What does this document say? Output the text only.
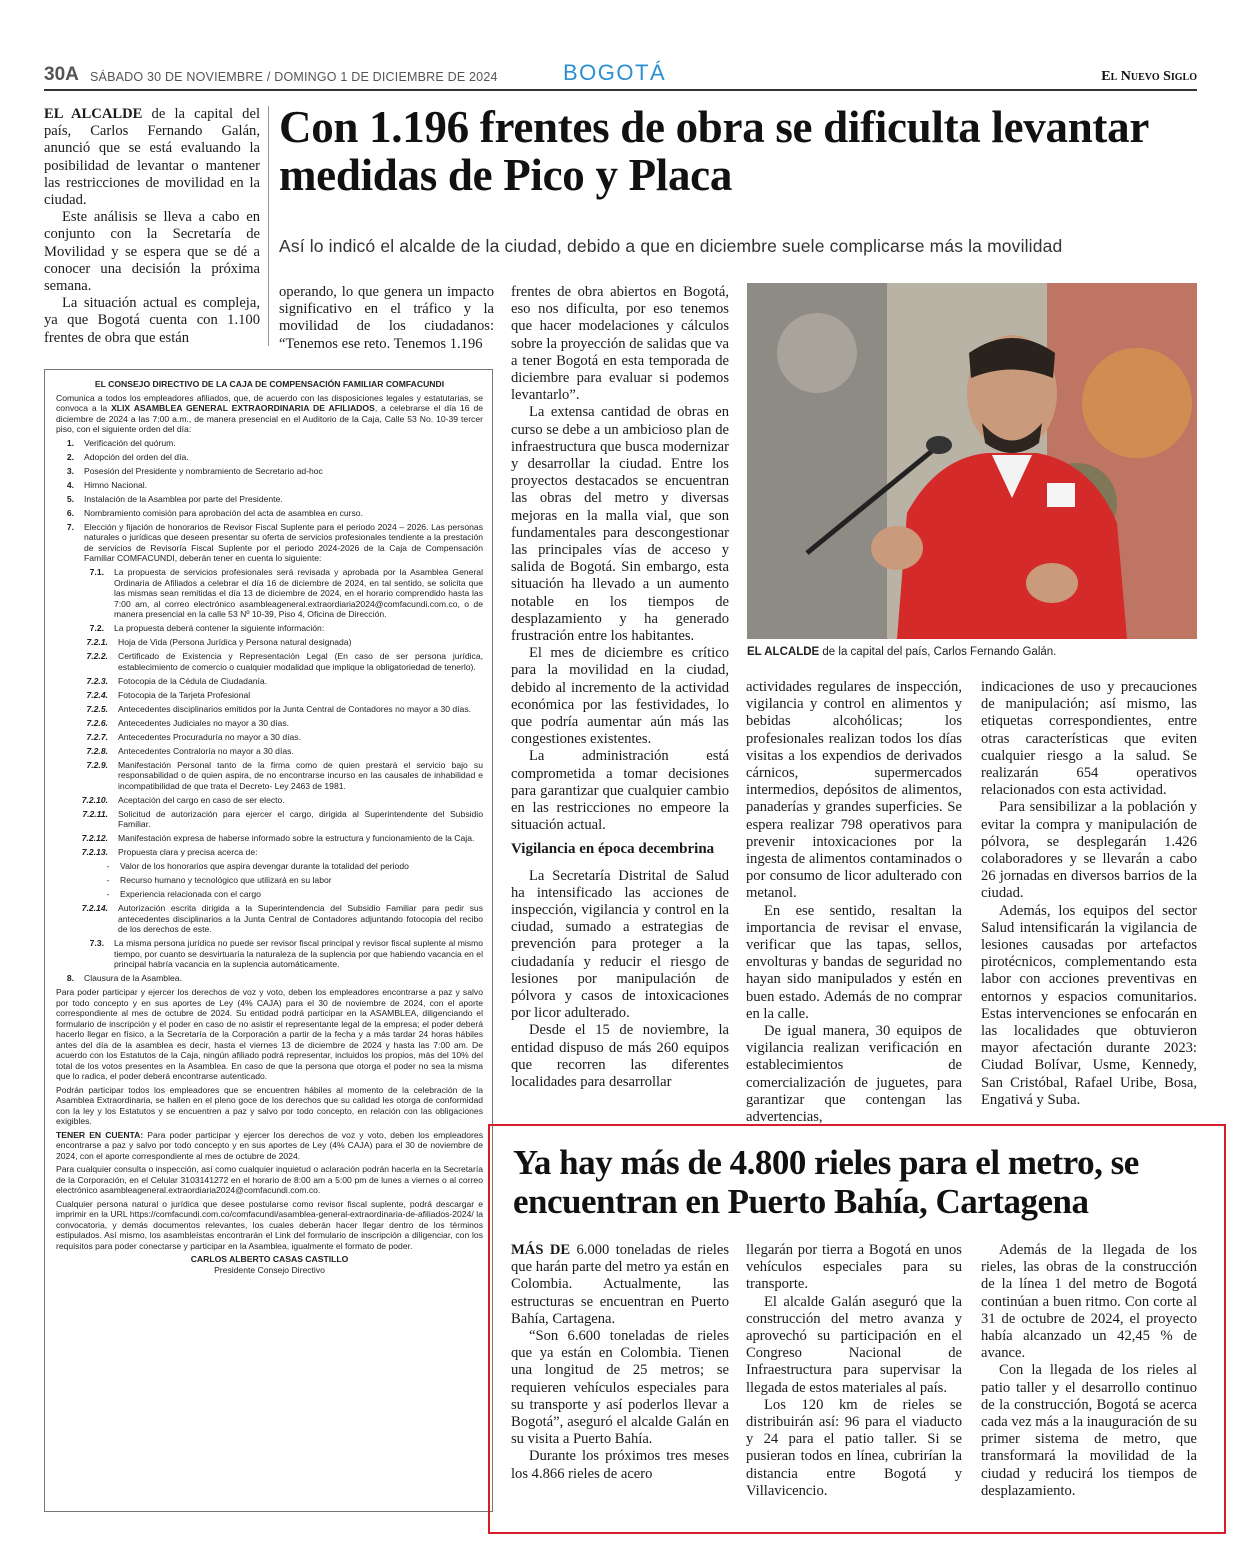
30A SÁBADO 30 DE NOVIEMBRE / DOMINGO 1 DE DICIEMBRE DE 2024	BOGOTÁ	El Nuevo Siglo

EL ALCALDE de la capital del país, Carlos Fernando Galán, anunció que se está evaluando la posibilidad de levantar o mantener las restricciones de movilidad en la ciudad.

Este análisis se lleva a cabo en conjunto con la Secretaría de Movilidad y se espera que se dé a conocer una decisión la próxima semana.

La situación actual es compleja, ya que Bogotá cuenta con 1.100 frentes de obra que están

Con 1.196 frentes de obra se dificulta levantar medidas de Pico y Placa
Así lo indicó el alcalde de la ciudad, debido a que en diciembre suele complicarse más la movilidad

operando, lo que genera un impacto significativo en el tráfico y la movilidad de los ciudadanos: “Tenemos ese reto. Tenemos 1.196

EL CONSEJO DIRECTIVO DE LA CAJA DE COMPENSACIÓN FAMILIAR COMFACUNDI
Comunica a todos los empleadores afiliados, que, de acuerdo con las disposiciones legales y estatutarias, se convoca a la XLIX ASAMBLEA GENERAL EXTRAORDINARIA DE AFILIADOS, a celebrarse el día 16 de diciembre de 2024 a las 7:00 a.m., de manera presencial en el Auditorio de la Caja, Calle 53 No. 10-39 tercer piso, con el siguiente orden del día:
1.	Verificación del quórum.
2.	Adopción del orden del día.
3.	Posesión del Presidente y nombramiento de Secretario ad-hoc
4.	Himno Nacional.
5.	Instalación de la Asamblea por parte del Presidente.
6.	Nombramiento comisión para aprobación del acta de asamblea en curso.
7.	Elección y fijación de honorarios de Revisor Fiscal Suplente para el periodo 2024 – 2026. Las personas naturales o jurídicas que deseen presentar su oferta de servicios profesionales tendiente a la prestación de servicios de Revisoría Fiscal Suplente por el periodo 2024-2026 de la Caja de Compensación Familiar COMFACUNDI, deberán tener en cuenta lo siguiente:
7.1.	La propuesta de servicios profesionales será revisada y aprobada por la Asamblea General Ordinaria de Afiliados a celebrar el día 16 de diciembre de 2024, en tal sentido, se solicita que las mismas sean remitidas el día 13 de diciembre de 2024, en el horario comprendido hasta las 7:00 am, al correo electrónico asambleageneral.extraordiaria2024@comfacundi.com.co, o de manera presencial en la calle 53 Nº 10-39, Piso 4, Oficina de Dirección.
7.2.	La propuesta deberá contener la siguiente información:
7.2.1.	Hoja de Vida (Persona Jurídica y Persona natural designada)
7.2.2.	Certificado de Existencia y Representación Legal (En caso de ser persona jurídica, establecimiento de comercio o cualquier modalidad que implique la obligatoriedad de tenerlo).
7.2.3.	Fotocopia de la Cédula de Ciudadanía.
7.2.4.	Fotocopia de la Tarjeta Profesional
7.2.5.	Antecedentes disciplinarios emitidos por la Junta Central de Contadores no mayor a 30 días.
7.2.6.	Antecedentes Judiciales no mayor a 30 días.
7.2.7.	Antecedentes Procuraduría no mayor a 30 días.
7.2.8.	Antecedentes Contraloría no mayor a 30 días.
7.2.9.	Manifestación Personal tanto de la firma como de quien prestará el servicio bajo su responsabilidad o de quien aspira, de no encontrarse incurso en las causales de inhabilidad e incompatibilidad de que trata el Decreto- Ley 2463 de 1981.
7.2.10.	Aceptación del cargo en caso de ser electo.
7.2.11.	Solicitud de autorización para ejercer el cargo, dirigida al Superintendente del Subsidio Familiar.
7.2.12.	Manifestación expresa de haberse informado sobre la estructura y funcionamiento de la Caja.
7.2.13.	Propuesta clara y precisa acerca de:
-	Valor de los honorarios que aspira devengar durante la totalidad del periodo
-	Recurso humano y tecnológico que utilizará en su labor
-	Experiencia relacionada con el cargo
7.2.14.	Autorización escrita dirigida a la Superintendencia del Subsidio Familiar para pedir sus antecedentes disciplinarios a la Junta Central de Contadores adjuntando fotocopia del recibo de los derechos de este.
7.3.	La misma persona jurídica no puede ser revisor fiscal principal y revisor fiscal suplente al mismo tiempo, por cuanto se desvirtuaría la naturaleza de la suplencia por que habiendo vacancia en el principal habría vacancia en la suplencia automáticamente.
8.	Clausura de la Asamblea.
Para poder participar y ejercer los derechos de voz y voto, deben los empleadores encontrarse a paz y salvo por todo concepto y en sus aportes de Ley (4% CAJA) para el 30 de noviembre de 2024, con el aporte correspondiente al mes de octubre de 2024. Su entidad podrá participar en la ASAMBLEA, diligenciando el formulario de inscripción y el poder en caso de no asistir el representante legal de la empresa; el poder deberá hacerlo llegar en físico, a la Secretaría de la Corporación a partir de la fecha y a más tardar 24 horas hábiles antes del día de la asamblea es decir, hasta el viernes 13 de diciembre de 2024 y hasta las 7:00 am. De acuerdo con los Estatutos de la Caja, ningún afiliado podrá representar, incluidos los propios, más del 10% del total de los votos presentes en la Asamblea. En caso de que la persona que otorga el poder no sea la misma que lo radica, el poder deberá encontrarse autenticado.
Podrán participar todos los empleadores que se encuentren hábiles al momento de la celebración de la Asamblea Extraordinaria, se hallen en el pleno goce de los derechos que su calidad les otorga de conformidad con la ley y los Estatutos y se encuentren a paz y salvo por todo concepto, en relación con las obligaciones exigibles.
TENER EN CUENTA: Para poder participar y ejercer los derechos de voz y voto, deben los empleadores encontrarse a paz y salvo por todo concepto y en sus aportes de Ley (4% CAJA) para el 30 de noviembre de 2024, con el aporte correspondiente al mes de octubre de 2024.
Para cualquier consulta o inspección, así como cualquier inquietud o aclaración podrán hacerla en la Secretaría de la Corporación, en el Celular 3103141272 en el horario de 8:00 am a 5:00 pm de lunes a viernes o al correo electrónico asambleageneral.extraordiaria2024@comfacundi.com.co.
Cualquier persona natural o jurídica que desee postularse como revisor fiscal suplente, podrá descargar e imprimir en la URL https://comfacundi.com.co/comfacundi/asamblea-general-extraordinaria-de-afiliados-2024/ la convocatoria, y demás documentos relevantes, los cuales deberán hacer llegar dentro de los términos estipulados. Así mismo, los asambleístas encontrarán el Link del formulario de inscripción a diligenciar, con los requisitos para poder conectarse y participar en la Asamblea, igualmente el formato de poder.
CARLOS ALBERTO CASAS CASTILLO
Presidente Consejo Directivo

frentes de obra abiertos en Bogotá, eso nos dificulta, por eso tenemos que hacer modelaciones y cálculos sobre la proyección de salidas que va a tener Bogotá en esta temporada de diciembre para evaluar si podemos levantarlo”.

La extensa cantidad de obras en curso se debe a un ambicioso plan de infraestructura que busca modernizar y desarrollar la ciudad. Entre los proyectos destacados se encuentran las obras del metro y diversas mejoras en la malla vial, que son fundamentales para descongestionar las principales vías de acceso y salida de Bogotá. Sin embargo, esta situación ha llevado a un aumento notable en los tiempos de desplazamiento y ha generado frustración entre los habitantes.

El mes de diciembre es crítico para la movilidad en la ciudad, debido al incremento de la actividad económica por las festividades, lo que podría aumentar aún más las congestiones existentes.

La administración está comprometida a tomar decisiones para garantizar que cualquier cambio en las restricciones no empeore la situación actual.

Vigilancia en época decembrina

La Secretaría Distrital de Salud ha intensificado las acciones de inspección, vigilancia y control en la ciudad, sumado a estrategias de prevención para proteger a la ciudadanía y reducir el riesgo de lesiones por manipulación de pólvora y casos de intoxicaciones por licor adulterado.

Desde el 15 de noviembre, la entidad dispuso de más 260 equipos que recorren las diferentes localidades para desarrollar

EL ALCALDE de la capital del país, Carlos Fernando Galán.

actividades regulares de inspección, vigilancia y control en alimentos y bebidas alcohólicas; los profesionales realizan todos los días visitas a los expendios de derivados cárnicos, supermercados intermedios, depósitos de alimentos, panaderías y grandes superficies. Se espera realizar 798 operativos para prevenir intoxicaciones por la ingesta de alimentos contaminados o por consumo de licor adulterado con metanol.

En ese sentido, resaltan la importancia de revisar el envase, verificar que las tapas, sellos, envolturas y bandas de seguridad no hayan sido manipulados y estén en buen estado. Además de no comprar en la calle.

De igual manera, 30 equipos de vigilancia realizan verificación en establecimientos de comercialización de juguetes, para garantizar que contengan las advertencias,

indicaciones de uso y precauciones de manipulación; así mismo, las etiquetas correspondientes, entre otras características que eviten cualquier riesgo a la salud. Se realizarán 654 operativos relacionados con esta actividad.

Para sensibilizar a la población y evitar la compra y manipulación de pólvora, se desplegarán 1.426 colaboradores y se llevarán a cabo 26 jornadas en diversos barrios de la ciudad.

Además, los equipos del sector Salud intensificarán la vigilancia de lesiones causadas por artefactos pirotécnicos, complementando esta labor con acciones preventivas en entornos y espacios comunitarios. Estas intervenciones se enfocarán en las localidades que obtuvieron mayor afectación durante 2023: Ciudad Bolívar, Usme, Kennedy, San Cristóbal, Rafael Uribe, Bosa, Engativá y Suba.

Ya hay más de 4.800 rieles para el metro, se encuentran en Puerto Bahía, Cartagena

MÁS DE 6.000 toneladas de rieles que harán parte del metro ya están en Colombia. Actualmente, las estructuras se encuentran en Puerto Bahía, Cartagena.

“Son 6.600 toneladas de rieles que ya están en Colombia. Tienen una longitud de 25 metros; se requieren vehículos especiales para su transporte y así poderlos llevar a Bogotá”, aseguró el alcalde Galán en su visita a Puerto Bahía.

Durante los próximos tres meses los 4.866 rieles de acero

llegarán por tierra a Bogotá en unos vehículos especiales para su transporte.

El alcalde Galán aseguró que la construcción del metro avanza y aprovechó su participación en el Congreso Nacional de Infraestructura para supervisar la llegada de estos materiales al país.

Los 120 km de rieles se distribuirán así: 96 para el viaducto y 24 para el patio taller. Si se pusieran todos en línea, cubrirían la distancia entre Bogotá y Villavicencio.

Además de la llegada de los rieles, las obras de la construcción de la línea 1 del metro de Bogotá continúan a buen ritmo. Con corte al 31 de octubre de 2024, el proyecto había alcanzado un 42,45 % de avance.

Con la llegada de los rieles al patio taller y el desarrollo continuo de la construcción, Bogotá se acerca cada vez más a la inauguración de su primer sistema de metro, que transformará la movilidad de la ciudad y reducirá los tiempos de desplazamiento.
